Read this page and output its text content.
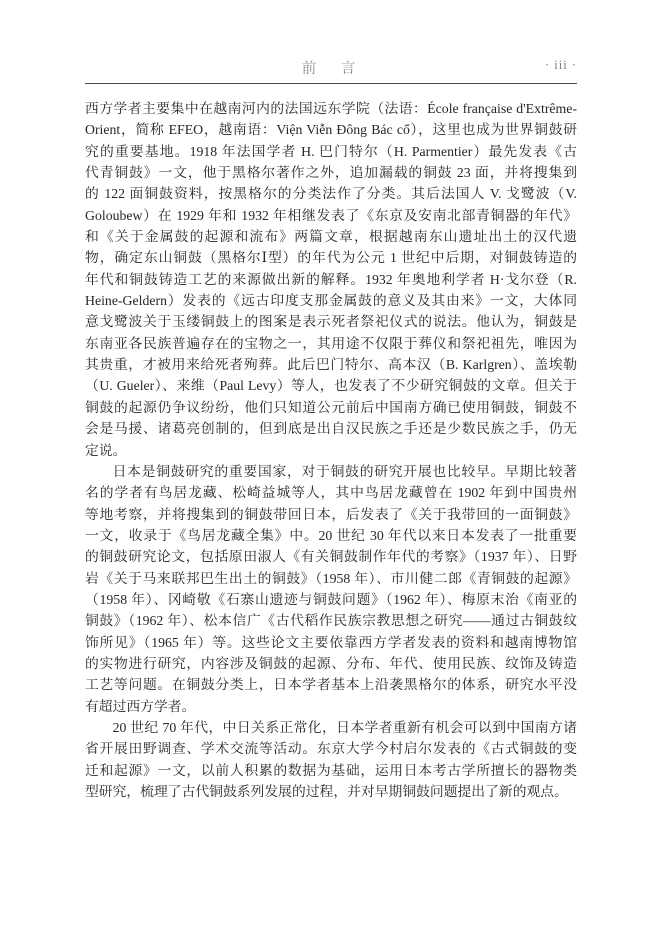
前　言	· iii ·
西方学者主要集中在越南河内的法国远东学院（法语：École française d'Extrême-
Orient，简称 EFEO，越南语：Viện Viễn Đông Bác cổ），这里也成为世界铜鼓研
究的重要基地。1918 年法国学者 H. 巴门特尔（H. Parmentier）最先发表《古
代青铜鼓》一文，他于黑格尔著作之外，追加漏载的铜鼓 23 面，并将搜集到
的 122 面铜鼓资料，按黑格尔的分类法作了分类。其后法国人 V. 戈鹭波（V.
Goloubew）在 1929 年和 1932 年相继发表了《东京及安南北部青铜器的年代》
和《关于金属鼓的起源和流布》两篇文章，根据越南东山遗址出土的汉代遗
物，确定东山铜鼓（黑格尔Ⅰ型）的年代为公元 1 世纪中后期，对铜鼓铸造的
年代和铜鼓铸造工艺的来源做出新的解释。1932 年奥地利学者 H·戈尔登（R.
Heine-Geldern）发表的《远古印度支那金属鼓的意义及其由来》一文，大体同
意戈鹭波关于玉缕铜鼓上的图案是表示死者祭祀仪式的说法。他认为，铜鼓是
东南亚各民族普遍存在的宝物之一，其用途不仅限于葬仪和祭祀祖先，唯因为
其贵重，才被用来给死者殉葬。此后巴门特尔、高本汉（B. Karlgren）、盖埃勒
（U. Gueler）、来维（Paul Levy）等人，也发表了不少研究铜鼓的文章。但关于
铜鼓的起源仍争议纷纷，他们只知道公元前后中国南方确已使用铜鼓，铜鼓不
会是马援、诸葛亮创制的，但到底是出自汉民族之手还是少数民族之手，仍无
定说。
日本是铜鼓研究的重要国家，对于铜鼓的研究开展也比较早。早期比较著
名的学者有鸟居龙藏、松崎益城等人，其中鸟居龙藏曾在 1902 年到中国贵州
等地考察，并将搜集到的铜鼓带回日本，后发表了《关于我带回的一面铜鼓》
一文，收录于《鸟居龙藏全集》中。20 世纪 30 年代以来日本发表了一批重要
的铜鼓研究论文，包括原田淑人《有关铜鼓制作年代的考察》（1937 年）、日野
岩《关于马来联邦巴生出土的铜鼓》（1958 年）、市川健二郎《青铜鼓的起源》
（1958 年）、冈崎敬《石寨山遗迹与铜鼓问题》（1962 年）、梅原末治《南亚的
铜鼓》（1962 年）、松本信广《古代稻作民族宗教思想之研究——通过古铜鼓纹
饰所见》（1965 年）等。这些论文主要依靠西方学者发表的资料和越南博物馆
的实物进行研究，内容涉及铜鼓的起源、分布、年代、使用民族、纹饰及铸造
工艺等问题。在铜鼓分类上，日本学者基本上沿袭黑格尔的体系，研究水平没
有超过西方学者。
20 世纪 70 年代，中日关系正常化，日本学者重新有机会可以到中国南方诸
省开展田野调查、学术交流等活动。东京大学今村启尔发表的《古式铜鼓的变
迁和起源》一文，以前人积累的数据为基础，运用日本考古学所擅长的器物类
型研究，梳理了古代铜鼓系列发展的过程，并对早期铜鼓问题提出了新的观点。
